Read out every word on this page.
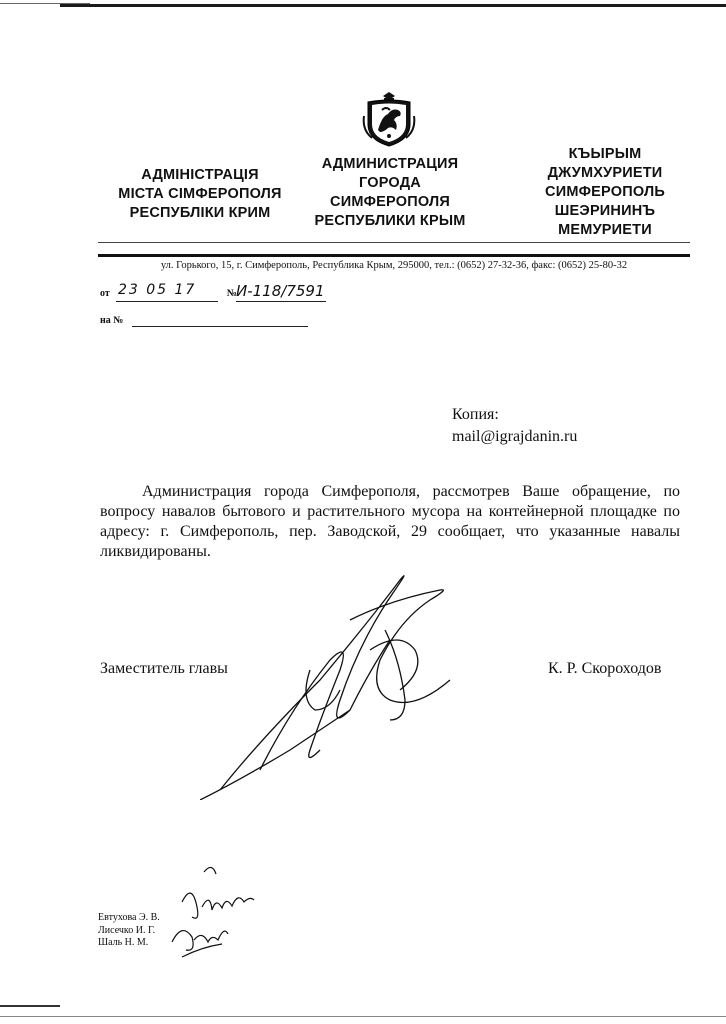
АДМІНІСТРАЦІЯ
МІСТА СІМФЕРОПОЛЯ
РЕСПУБЛІКИ КРИМ
АДМИНИСТРАЦИЯ
ГОРОДА
СИМФЕРОПОЛЯ
РЕСПУБЛИКИ КРЫМ
КЪЫРЫМ
ДЖУМХУРИЕТИ
СИМФЕРОПОЛЬ
ШЕЭРИНИНЪ
МЕМУРИЕТИ
ул. Горького, 15, г. Симферополь, Республика Крым, 295000, тел.: (0652) 27-32-36, факс: (0652) 25-80-32
от	№
23 05 17	И-118/7591
на №
Копия:
mail@igrajdanin.ru
Администрация города Симферополя, рассмотрев Ваше обращение, по вопросу навалов бытового и растительного мусора на контейнерной площадке по адресу: г. Симферополь, пер. Заводской, 29 сообщает, что указанные навалы ликвидированы.
Заместитель главы	К. Р. Скороходов
Евтухова Э. В.
Лисечко И. Г.
Шаль Н. М.
